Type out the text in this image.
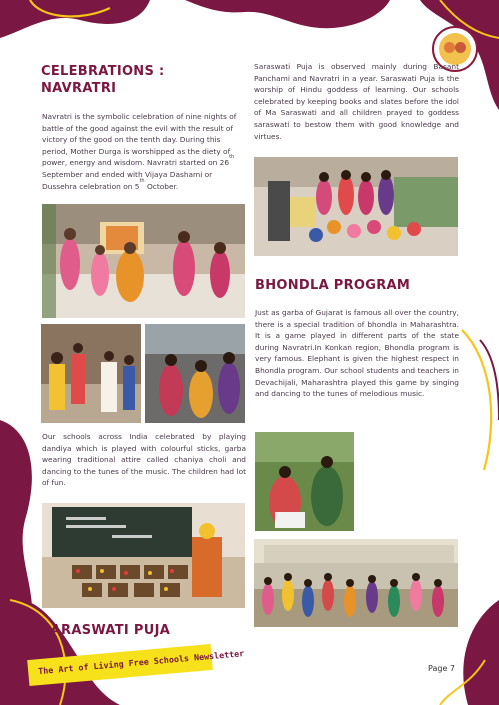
CELEBRATIONS :
NAVRATRI

Navratri is the symbolic celebration of nine nights of battle of the good against the evil with the result of victory of the good on the tenth day. During this period, Mother Durga is worshipped as the diety of power, energy and wisdom. Navratri started on 26th September and ended with Vijaya Dashami or Dussehra celebration on 5th October.

Our schools across India celebrated by playing dandiya which is played with colourful sticks, garba wearing traditional attire called chaniya choli and dancing to the tunes of the music. The children had lot of fun.

SARASWATI PUJA

Saraswati Puja is observed mainly during Basant Panchami and Navratri in a year. Saraswati Puja is the worship of Hindu goddess of learning. Our schools celebrated by keeping books and slates before the idol of Ma Saraswati and all children prayed to goddess saraswati to bestow them with good knowledge and virtues.

BHONDLA PROGRAM

Just as garba of Gujarat is famous all over the country, there is a special tradition of bhondla in Maharashtra. It is a game played in different parts of the state during Navratri.In Konkan region, Bhondla program is very famous. Elephant is given the highest respect in Bhondla program. Our school students and teachers in Devachijali, Maharashtra played this game by singing and dancing to the tunes of melodious music.

The Art of Living Free Schools Newsletter	Page 7
